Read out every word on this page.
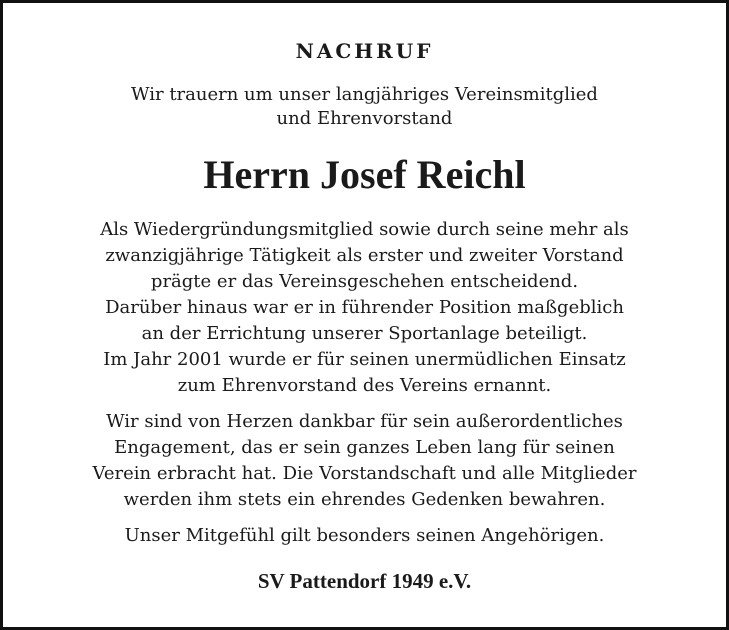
NACHRUF
Wir trauern um unser langjähriges Vereinsmitglied
und Ehrenvorstand
Herrn Josef Reichl
Als Wiedergründungsmitglied sowie durch seine mehr als
zwanzigjährige Tätigkeit als erster und zweiter Vorstand
prägte er das Vereinsgeschehen entscheidend.
Darüber hinaus war er in führender Position maßgeblich
an der Errichtung unserer Sportanlage beteiligt.
Im Jahr 2001 wurde er für seinen unermüdlichen Einsatz
zum Ehrenvorstand des Vereins ernannt.
Wir sind von Herzen dankbar für sein außerordentliches
Engagement, das er sein ganzes Leben lang für seinen
Verein erbracht hat. Die Vorstandschaft und alle Mitglieder
werden ihm stets ein ehrendes Gedenken bewahren.
Unser Mitgefühl gilt besonders seinen Angehörigen.
SV Pattendorf 1949 e.V.
